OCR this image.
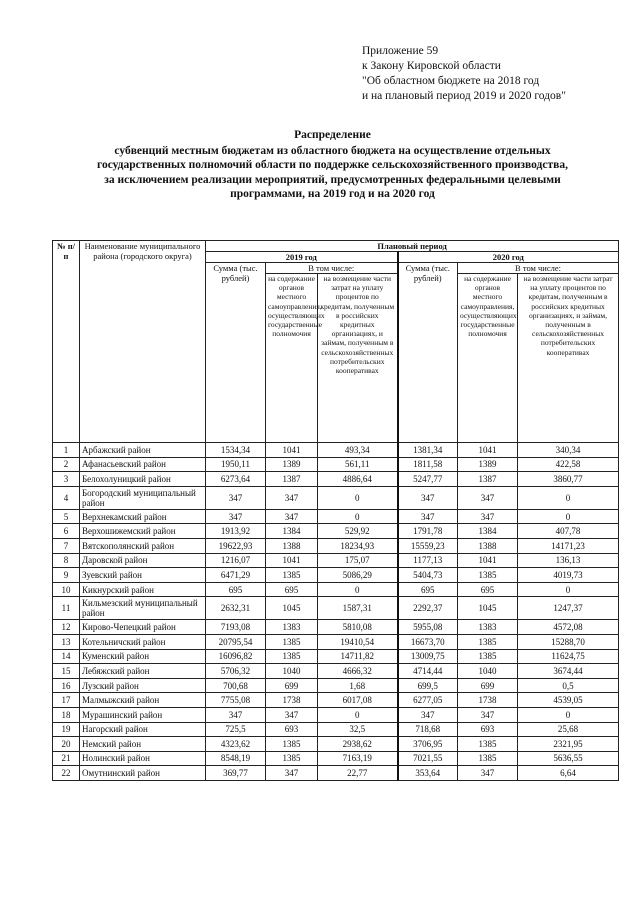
Приложение 59
к Закону Кировской области
"Об областном бюджете на 2018 год
и на плановый период 2019 и 2020 годов"
Распределение
субвенций местным бюджетам из областного бюджета на осуществление отдельных
государственных полномочий области по поддержке сельскохозяйственного производства,
за исключением реализации мероприятий, предусмотренных федеральными целевыми
программами, на 2019 год и на 2020 год
№ п/п	Наименование муниципального района (городского округа)	Плановый период					
		2019 год			2020 год		
		Сумма (тыс. рублей)	В том числе:		Сумма (тыс. рублей)	В том числе:	
			на содержание органов местного самоуправления, осуществляющих государственные полномочия	на возмещение части затрат на уплату процентов по кредитам, полученным в российских кредитных организациях, и займам, полученным в сельскохозяйственных потребительских кооперативах		на содержание органов местного самоуправления, осуществляющих государственные полномочия	на возмещение части затрат на уплату процентов по кредитам, полученным в российских кредитных организациях, и займам, полученным в сельскохозяйственных потребительских кооперативах
1	Арбажский район	1534,34	1041	493,34	1381,34	1041	340,34
2	Афанасьевский район	1950,11	1389	561,11	1811,58	1389	422,58
3	Белохолуницкий район	6273,64	1387	4886,64	5247,77	1387	3860,77
4	Богородский муниципальный район	347	347	0	347	347	0
5	Верхнекамский район	347	347	0	347	347	0
6	Верхошижемский район	1913,92	1384	529,92	1791,78	1384	407,78
7	Вятскополянский район	19622,93	1388	18234,93	15559,23	1388	14171,23
8	Даровской район	1216,07	1041	175,07	1177,13	1041	136,13
9	Зуевский район	6471,29	1385	5086,29	5404,73	1385	4019,73
10	Кикнурский район	695	695	0	695	695	0
11	Кильмезский муниципальный район	2632,31	1045	1587,31	2292,37	1045	1247,37
12	Кирово-Чепецкий район	7193,08	1383	5810,08	5955,08	1383	4572,08
13	Котельничский район	20795,54	1385	19410,54	16673,70	1385	15288,70
14	Куменский район	16096,82	1385	14711,82	13009,75	1385	11624,75
15	Лебяжский район	5706,32	1040	4666,32	4714,44	1040	3674,44
16	Лузский район	700,68	699	1,68	699,5	699	0,5
17	Малмыжский район	7755,08	1738	6017,08	6277,05	1738	4539,05
18	Мурашинский район	347	347	0	347	347	0
19	Нагорский район	725,5	693	32,5	718,68	693	25,68
20	Немский район	4323,62	1385	2938,62	3706,95	1385	2321,95
21	Нолинский район	8548,19	1385	7163,19	7021,55	1385	5636,55
22	Омутнинский район	369,77	347	22,77	353,64	347	6,64
